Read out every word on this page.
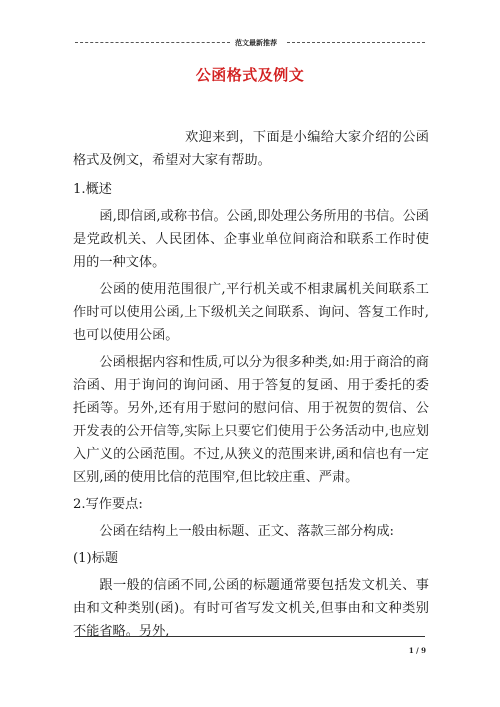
范文最新推荐
公函格式及例文

欢迎来到，下面是小编给大家介绍的公函格式及例文，希望对大家有帮助。

1.概述

函,即信函,或称书信。公函,即处理公务所用的书信。公函是党政机关、人民团体、企事业单位间商洽和联系工作时使用的一种文体。

公函的使用范围很广,平行机关或不相隶属机关间联系工作时可以使用公函,上下级机关之间联系、询问、答复工作时,也可以使用公函。

公函根据内容和性质,可以分为很多种类,如:用于商洽的商洽函、用于询问的询问函、用于答复的复函、用于委托的委托函等。另外,还有用于慰问的慰问信、用于祝贺的贺信、公开发表的公开信等,实际上只要它们使用于公务活动中,也应划入广义的公函范围。不过,从狭义的范围来讲,函和信也有一定区别,函的使用比信的范围窄,但比较庄重、严肃。

2.写作要点:

公函在结构上一般由标题、正文、落款三部分构成:

(1)标题

跟一般的信函不同,公函的标题通常要包括发文机关、事由和文种类别(函)。有时可省写发文机关,但事由和文种类别不能省略。另外,

1 / 9
